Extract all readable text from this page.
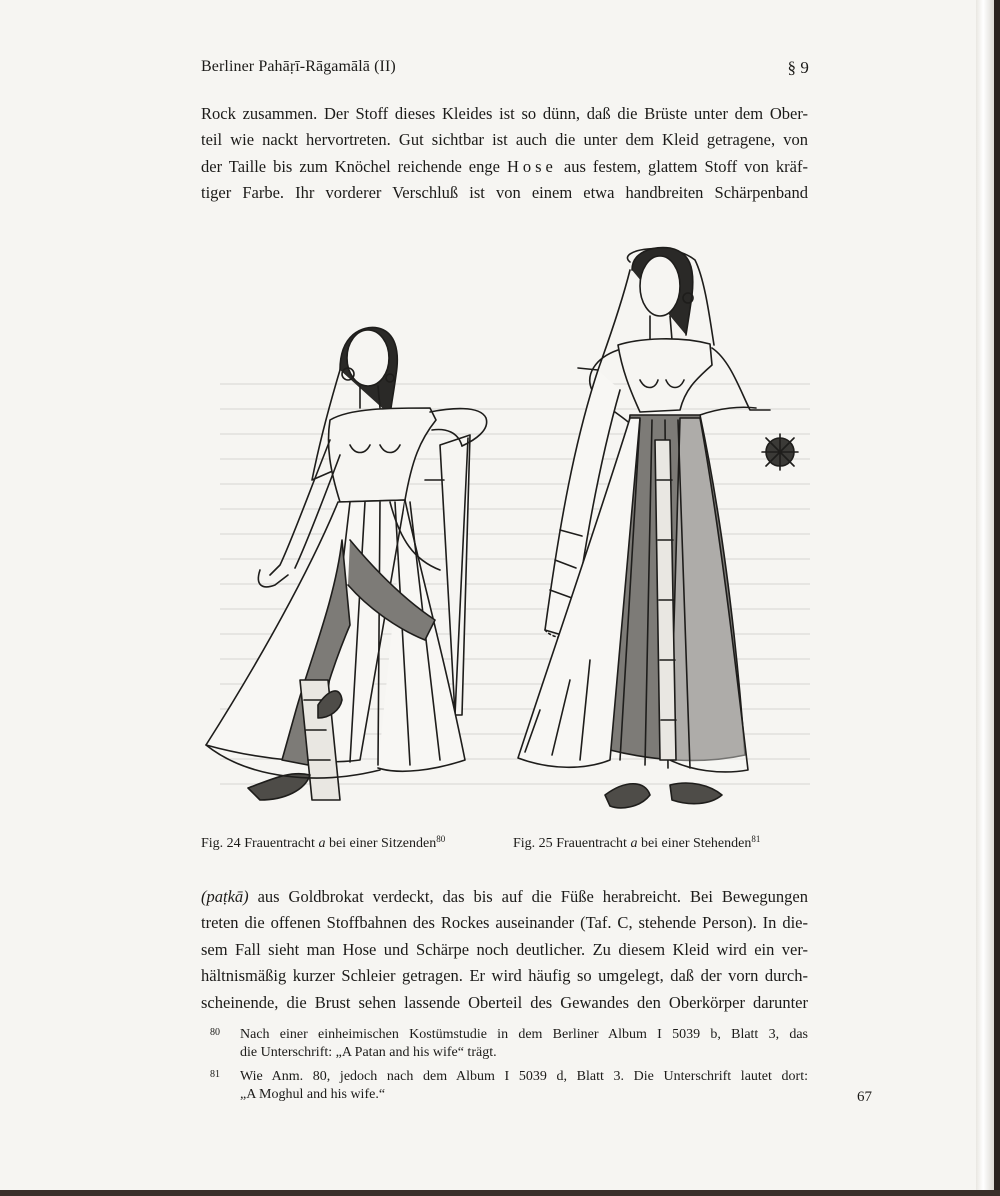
Berliner Pahāṛī-Rāgamālā (II)	§ 9
Rock zusammen. Der Stoff dieses Kleides ist so dünn, daß die Brüste unter dem Ober-
teil wie nackt hervortreten. Gut sichtbar ist auch die unter dem Kleid getragene, von
der Taille bis zum Knöchel reichende enge Hose aus festem, glattem Stoff von kräf-
tiger Farbe. Ihr vorderer Verschluß ist von einem etwa handbreiten Schärpenband
Fig. 24 Frauentracht a bei einer Sitzenden$^{80}$	Fig. 25 Frauentracht a bei einer Stehenden$^{81}$
(paṭkā) aus Goldbrokat verdeckt, das bis auf die Füße herabreicht. Bei Bewegungen
treten die offenen Stoffbahnen des Rockes auseinander (Taf. C, stehende Person). In die-
sem Fall sieht man Hose und Schärpe noch deutlicher. Zu diesem Kleid wird ein ver-
hältnismäßig kurzer Schleier getragen. Er wird häufig so umgelegt, daß der vorn durch-
scheinende, die Brust sehen lassende Oberteil des Gewandes den Oberkörper darunter
80 Nach einer einheimischen Kostümstudie in dem Berliner Album I 5039 b, Blatt 3, das
die Unterschrift: „A Patan and his wife“ trägt.
81 Wie Anm. 80, jedoch nach dem Album I 5039 d, Blatt 3. Die Unterschrift lautet dort:
„A Moghul and his wife.“	67
